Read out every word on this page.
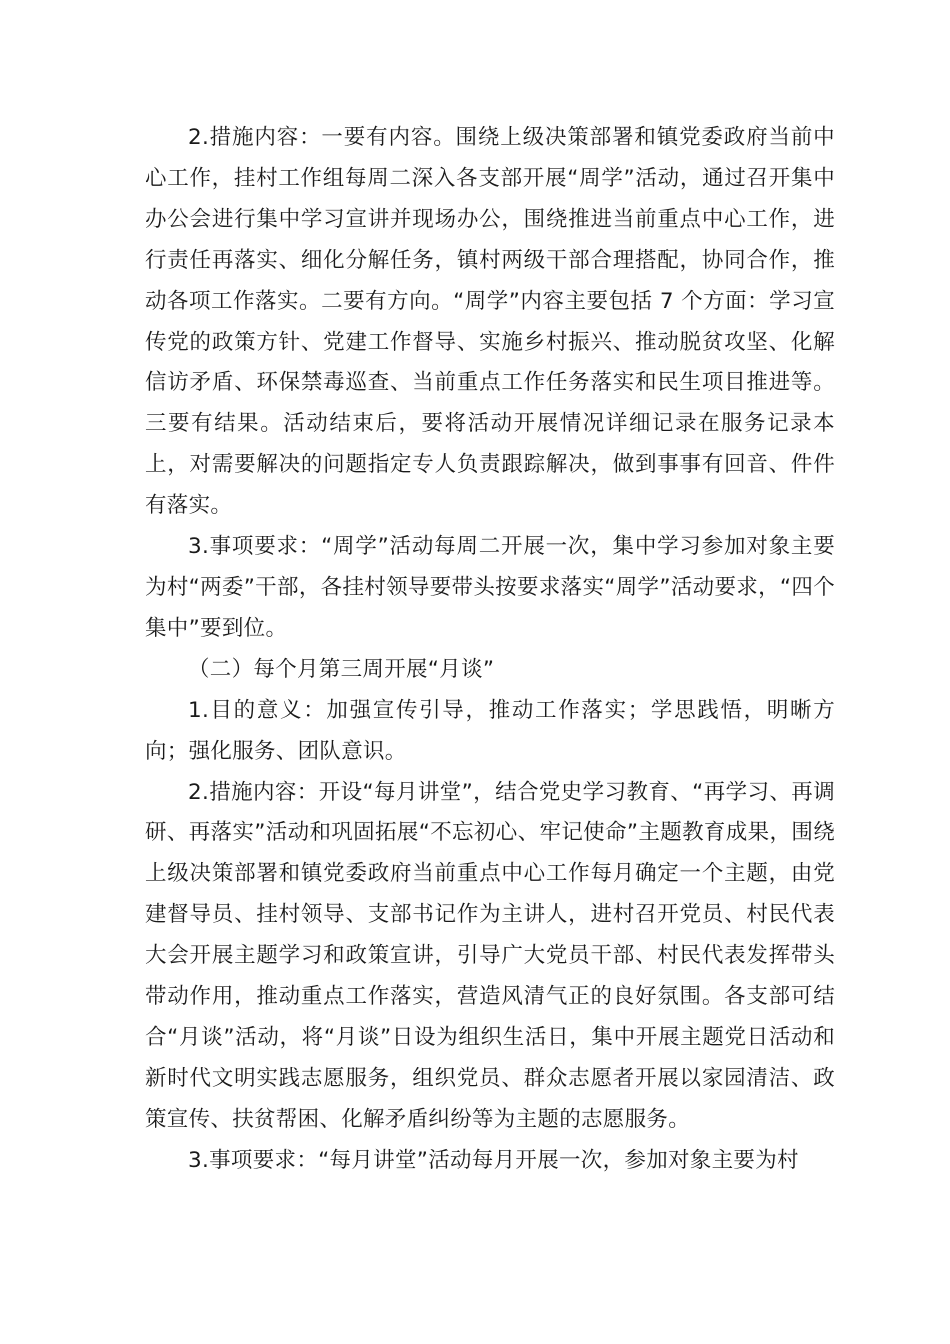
2.措施内容：一要有内容。围绕上级决策部署和镇党委政府当前中心工作，挂村工作组每周二深入各支部开展“周学”活动，通过召开集中办公会进行集中学习宣讲并现场办公，围绕推进当前重点中心工作，进行责任再落实、细化分解任务，镇村两级干部合理搭配，协同合作，推动各项工作落实。二要有方向。“周学”内容主要包括 7 个方面：学习宣传党的政策方针、党建工作督导、实施乡村振兴、推动脱贫攻坚、化解信访矛盾、环保禁毒巡查、当前重点工作任务落实和民生项目推进等。三要有结果。活动结束后，要将活动开展情况详细记录在服务记录本上，对需要解决的问题指定专人负责跟踪解决，做到事事有回音、件件有落实。

3.事项要求：“周学”活动每周二开展一次，集中学习参加对象主要为村“两委”干部，各挂村领导要带头按要求落实“周学”活动要求，“四个集中”要到位。

（二）每个月第三周开展“月谈”

1.目的意义：加强宣传引导，推动工作落实；学思践悟，明晰方向；强化服务、团队意识。

2.措施内容：开设“每月讲堂”，结合党史学习教育、“再学习、再调研、再落实”活动和巩固拓展“不忘初心、牢记使命”主题教育成果，围绕上级决策部署和镇党委政府当前重点中心工作每月确定一个主题，由党建督导员、挂村领导、支部书记作为主讲人，进村召开党员、村民代表大会开展主题学习和政策宣讲，引导广大党员干部、村民代表发挥带头带动作用，推动重点工作落实，营造风清气正的良好氛围。各支部可结合“月谈”活动，将“月谈”日设为组织生活日，集中开展主题党日活动和新时代文明实践志愿服务，组织党员、群众志愿者开展以家园清洁、政策宣传、扶贫帮困、化解矛盾纠纷等为主题的志愿服务。

3.事项要求：“每月讲堂”活动每月开展一次，参加对象主要为村
